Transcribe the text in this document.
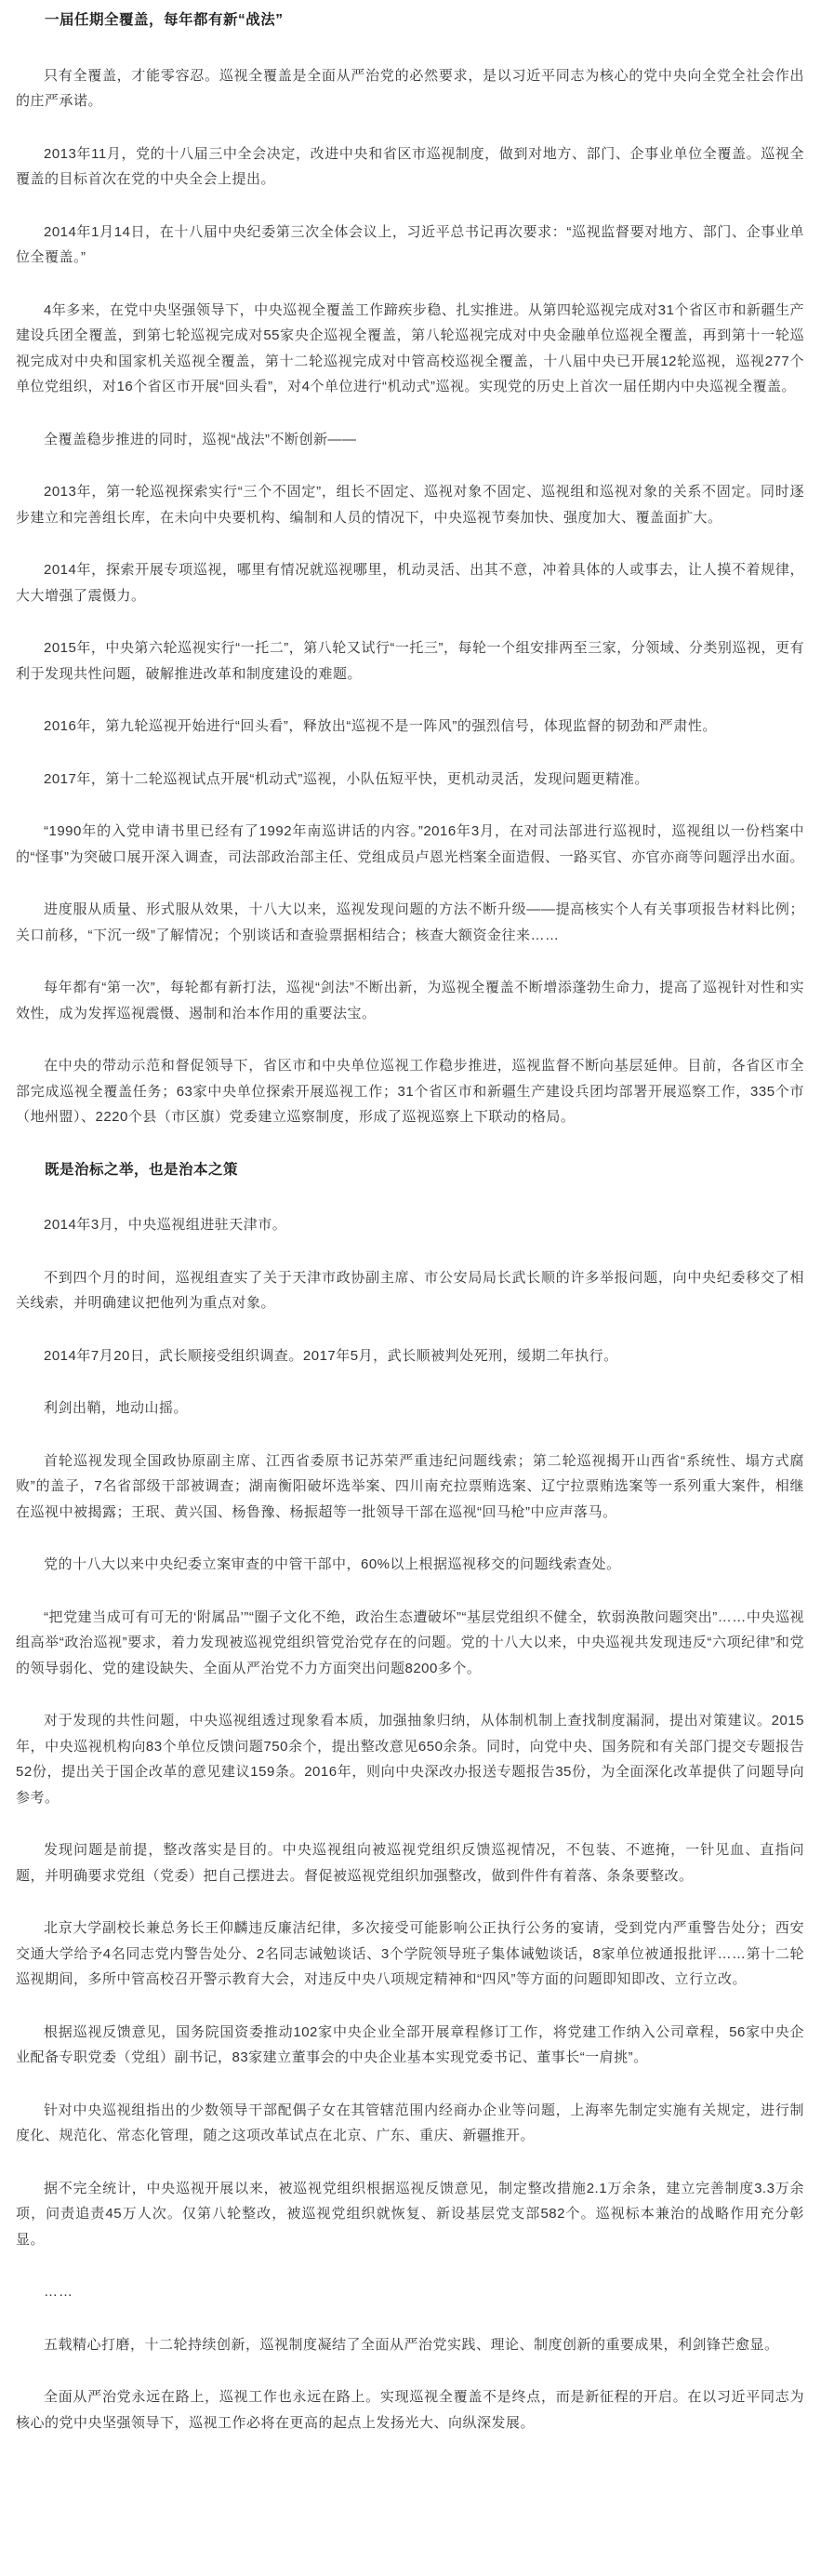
一届任期全覆盖，每年都有新“战法”

只有全覆盖，才能零容忍。巡视全覆盖是全面从严治党的必然要求，是以习近平同志为核心的党中央向全党全社会作出的庄严承诺。

2013年11月，党的十八届三中全会决定，改进中央和省区市巡视制度，做到对地方、部门、企事业单位全覆盖。巡视全覆盖的目标首次在党的中央全会上提出。

2014年1月14日，在十八届中央纪委第三次全体会议上，习近平总书记再次要求：“巡视监督要对地方、部门、企事业单位全覆盖。”

4年多来，在党中央坚强领导下，中央巡视全覆盖工作蹄疾步稳、扎实推进。从第四轮巡视完成对31个省区市和新疆生产建设兵团全覆盖，到第七轮巡视完成对55家央企巡视全覆盖，第八轮巡视完成对中央金融单位巡视全覆盖，再到第十一轮巡视完成对中央和国家机关巡视全覆盖，第十二轮巡视完成对中管高校巡视全覆盖，十八届中央已开展12轮巡视，巡视277个单位党组织，对16个省区市开展“回头看”，对4个单位进行“机动式”巡视。实现党的历史上首次一届任期内中央巡视全覆盖。

全覆盖稳步推进的同时，巡视“战法”不断创新——

2013年，第一轮巡视探索实行“三个不固定”，组长不固定、巡视对象不固定、巡视组和巡视对象的关系不固定。同时逐步建立和完善组长库，在未向中央要机构、编制和人员的情况下，中央巡视节奏加快、强度加大、覆盖面扩大。

2014年，探索开展专项巡视，哪里有情况就巡视哪里，机动灵活、出其不意，冲着具体的人或事去，让人摸不着规律，大大增强了震慑力。

2015年，中央第六轮巡视实行“一托二”，第八轮又试行“一托三”，每轮一个组安排两至三家，分领域、分类别巡视，更有利于发现共性问题，破解推进改革和制度建设的难题。

2016年，第九轮巡视开始进行“回头看”，释放出“巡视不是一阵风”的强烈信号，体现监督的韧劲和严肃性。

2017年，第十二轮巡视试点开展“机动式”巡视，小队伍短平快，更机动灵活，发现问题更精准。

“1990年的入党申请书里已经有了1992年南巡讲话的内容。”2016年3月，在对司法部进行巡视时，巡视组以一份档案中的“怪事”为突破口展开深入调查，司法部政治部主任、党组成员卢恩光档案全面造假、一路买官、亦官亦商等问题浮出水面。

进度服从质量、形式服从效果，十八大以来，巡视发现问题的方法不断升级——提高核实个人有关事项报告材料比例；关口前移，“下沉一级”了解情况；个别谈话和查验票据相结合；核查大额资金往来……

每年都有“第一次”，每轮都有新打法，巡视“剑法”不断出新，为巡视全覆盖不断增添蓬勃生命力，提高了巡视针对性和实效性，成为发挥巡视震慑、遏制和治本作用的重要法宝。

在中央的带动示范和督促领导下，省区市和中央单位巡视工作稳步推进，巡视监督不断向基层延伸。目前，各省区市全部完成巡视全覆盖任务；63家中央单位探索开展巡视工作；31个省区市和新疆生产建设兵团均部署开展巡察工作，335个市（地州盟）、2220个县（市区旗）党委建立巡察制度，形成了巡视巡察上下联动的格局。

既是治标之举，也是治本之策

2014年3月，中央巡视组进驻天津市。

不到四个月的时间，巡视组查实了关于天津市政协副主席、市公安局局长武长顺的许多举报问题，向中央纪委移交了相关线索，并明确建议把他列为重点对象。

2014年7月20日，武长顺接受组织调查。2017年5月，武长顺被判处死刑，缓期二年执行。

利剑出鞘，地动山摇。

首轮巡视发现全国政协原副主席、江西省委原书记苏荣严重违纪问题线索；第二轮巡视揭开山西省“系统性、塌方式腐败”的盖子，7名省部级干部被调查；湖南衡阳破坏选举案、四川南充拉票贿选案、辽宁拉票贿选案等一系列重大案件，相继在巡视中被揭露；王珉、黄兴国、杨鲁豫、杨振超等一批领导干部在巡视“回马枪”中应声落马。

党的十八大以来中央纪委立案审查的中管干部中，60%以上根据巡视移交的问题线索查处。

“把党建当成可有可无的‘附属品’”“圈子文化不绝，政治生态遭破坏”“基层党组织不健全，软弱涣散问题突出”……中央巡视组高举“政治巡视”要求，着力发现被巡视党组织管党治党存在的问题。党的十八大以来，中央巡视共发现违反“六项纪律”和党的领导弱化、党的建设缺失、全面从严治党不力方面突出问题8200多个。

对于发现的共性问题，中央巡视组透过现象看本质，加强抽象归纳，从体制机制上查找制度漏洞，提出对策建议。2015年，中央巡视机构向83个单位反馈问题750余个，提出整改意见650余条。同时，向党中央、国务院和有关部门提交专题报告52份，提出关于国企改革的意见建议159条。2016年，则向中央深改办报送专题报告35份，为全面深化改革提供了问题导向参考。

发现问题是前提，整改落实是目的。中央巡视组向被巡视党组织反馈巡视情况，不包装、不遮掩，一针见血、直指问题，并明确要求党组（党委）把自己摆进去。督促被巡视党组织加强整改，做到件件有着落、条条要整改。

北京大学副校长兼总务长王仰麟违反廉洁纪律，多次接受可能影响公正执行公务的宴请，受到党内严重警告处分；西安交通大学给予4名同志党内警告处分、2名同志诫勉谈话、3个学院领导班子集体诫勉谈话，8家单位被通报批评……第十二轮巡视期间，多所中管高校召开警示教育大会，对违反中央八项规定精神和“四风”等方面的问题即知即改、立行立改。

根据巡视反馈意见，国务院国资委推动102家中央企业全部开展章程修订工作，将党建工作纳入公司章程，56家中央企业配备专职党委（党组）副书记，83家建立董事会的中央企业基本实现党委书记、董事长“一肩挑”。

针对中央巡视组指出的少数领导干部配偶子女在其管辖范围内经商办企业等问题，上海率先制定实施有关规定，进行制度化、规范化、常态化管理，随之这项改革试点在北京、广东、重庆、新疆推开。

据不完全统计，中央巡视开展以来，被巡视党组织根据巡视反馈意见，制定整改措施2.1万余条，建立完善制度3.3万余项，问责追责45万人次。仅第八轮整改，被巡视党组织就恢复、新设基层党支部582个。巡视标本兼治的战略作用充分彰显。

……

五载精心打磨，十二轮持续创新，巡视制度凝结了全面从严治党实践、理论、制度创新的重要成果，利剑锋芒愈显。

全面从严治党永远在路上，巡视工作也永远在路上。实现巡视全覆盖不是终点，而是新征程的开启。在以习近平同志为核心的党中央坚强领导下，巡视工作必将在更高的起点上发扬光大、向纵深发展。
